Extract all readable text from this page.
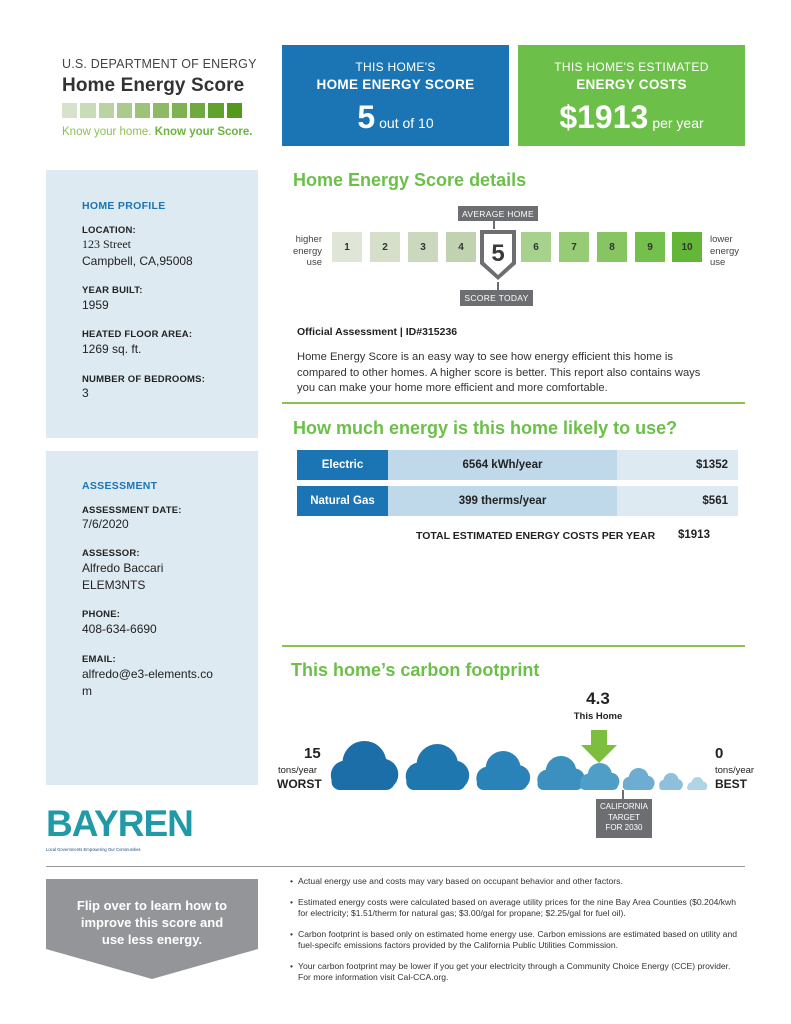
U.S. DEPARTMENT OF ENERGY
Home Energy Score
Know your home. Know your Score.
THIS HOME'S
HOME ENERGY SCORE
5 out of 10
THIS HOME'S ESTIMATED
ENERGY COSTS
$1913 per year
HOME PROFILE
LOCATION:
123 Street
Campbell, CA,95008
YEAR BUILT:
1959
HEATED FLOOR AREA:
1269 sq. ft.
NUMBER OF BEDROOMS:
3
ASSESSMENT
ASSESSMENT DATE:
7/6/2020
ASSESSOR:
Alfredo Baccari
ELEM3NTS
PHONE:
408-634-6690
EMAIL:
alfredo@e3-elements.co
m
Home Energy Score details
AVERAGE HOME
higher
energy
use
lower
energy
use
1	2	3	4	6	7	8	9	10
5
SCORE TODAY
Official Assessment | ID#315236
Home Energy Score is an easy way to see how energy efficient this home is compared to other homes. A higher score is better. This report also contains ways you can make your home more efficient and more comfortable.
How much energy is this home likely to use?
Electric	6564 kWh/year	$1352
Natural Gas	399 therms/year	$561
TOTAL ESTIMATED ENERGY COSTS PER YEAR $1913
This home’s carbon footprint
4.3
This Home
15
tons/year
WORST
0
tons/year
BEST
CALIFORNIA
TARGET
FOR 2030
BAYREN
Local Governments Empowering Our Communities
Flip over to learn how to
improve this score and
use less energy.
• Actual energy use and costs may vary based on occupant behavior and other factors.
• Estimated energy costs were calculated based on average utility prices for the nine Bay Area Counties ($0.204/kwh for electricity; $1.51/therm for natural gas; $3.00/gal for propane; $2.25/gal for fuel oil).
• Carbon footprint is based only on estimated home energy use. Carbon emissions are estimated based on utility and fuel-specifc emissions factors provided by the California Public Utilities Commission.
• Your carbon footprint may be lower if you get your electricity through a Community Choice Energy (CCE) provider. For more information visit Cal-CCA.org.
